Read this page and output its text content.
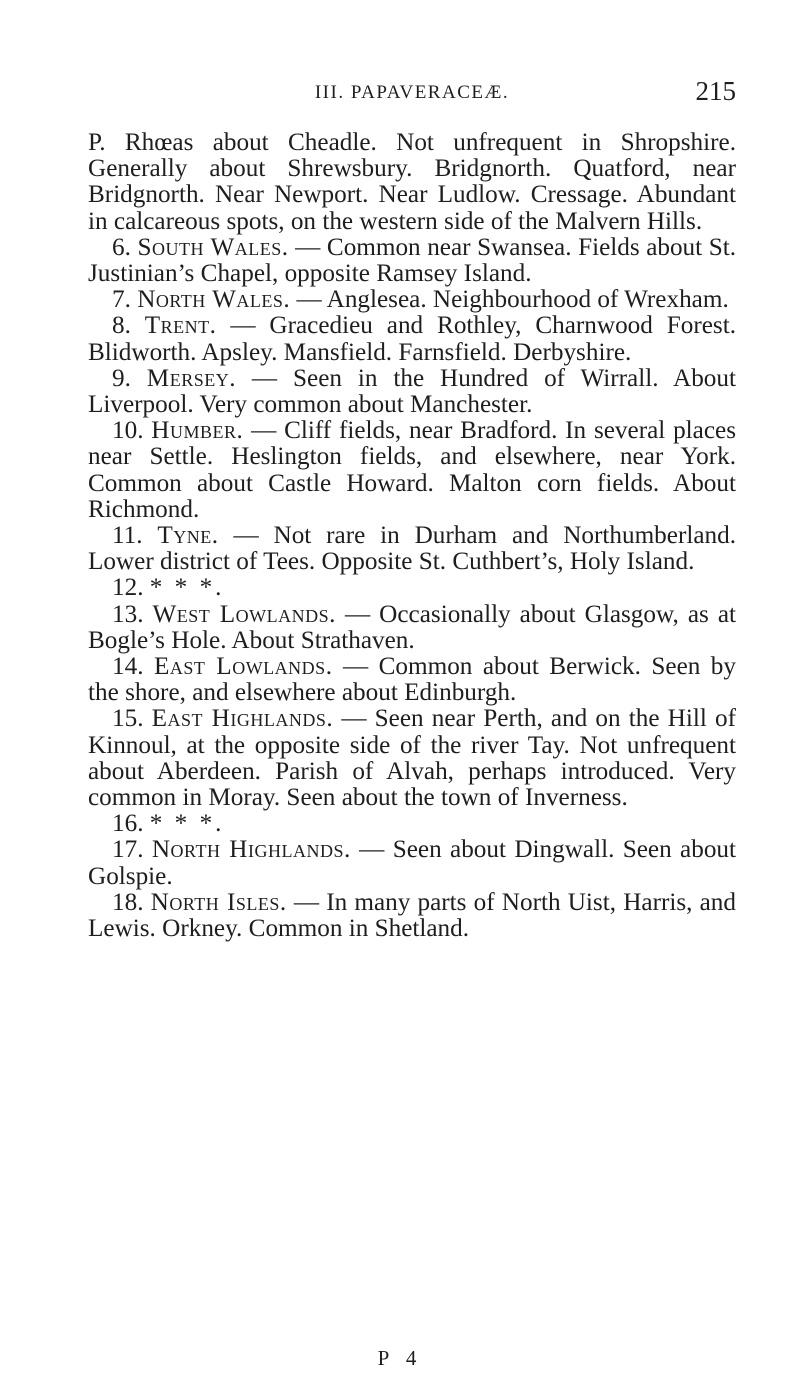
III. PAPAVERACEÆ.	215

P. Rhœas about Cheadle. Not unfrequent in Shropshire. Generally about Shrewsbury. Bridgnorth. Quatford, near Bridgnorth. Near Newport. Near Ludlow. Cressage. Abundant in calcareous spots, on the western side of the Malvern Hills.

6. South Wales. — Common near Swansea. Fields about St. Justinian’s Chapel, opposite Ramsey Island.

7. North Wales. — Anglesea. Neighbourhood of Wrexham.

8. Trent. — Gracedieu and Rothley, Charnwood Forest. Blidworth. Apsley. Mansfield. Farnsfield. Derbyshire.

9. Mersey. — Seen in the Hundred of Wirrall. About Liverpool. Very common about Manchester.

10. Humber. — Cliff fields, near Bradford. In several places near Settle. Heslington fields, and elsewhere, near York. Common about Castle Howard. Malton corn fields. About Richmond.

11. Tyne. — Not rare in Durham and Northumberland. Lower district of Tees. Opposite St. Cuthbert’s, Holy Island.

12. * * *.

13. West Lowlands. — Occasionally about Glasgow, as at Bogle’s Hole. About Strathaven.

14. East Lowlands. — Common about Berwick. Seen by the shore, and elsewhere about Edinburgh.

15. East Highlands. — Seen near Perth, and on the Hill of Kinnoul, at the opposite side of the river Tay. Not unfrequent about Aberdeen. Parish of Alvah, perhaps introduced. Very common in Moray. Seen about the town of Inverness.

16. * * *.

17. North Highlands. — Seen about Dingwall. Seen about Golspie.

18. North Isles. — In many parts of North Uist, Harris, and Lewis. Orkney. Common in Shetland.

P 4
